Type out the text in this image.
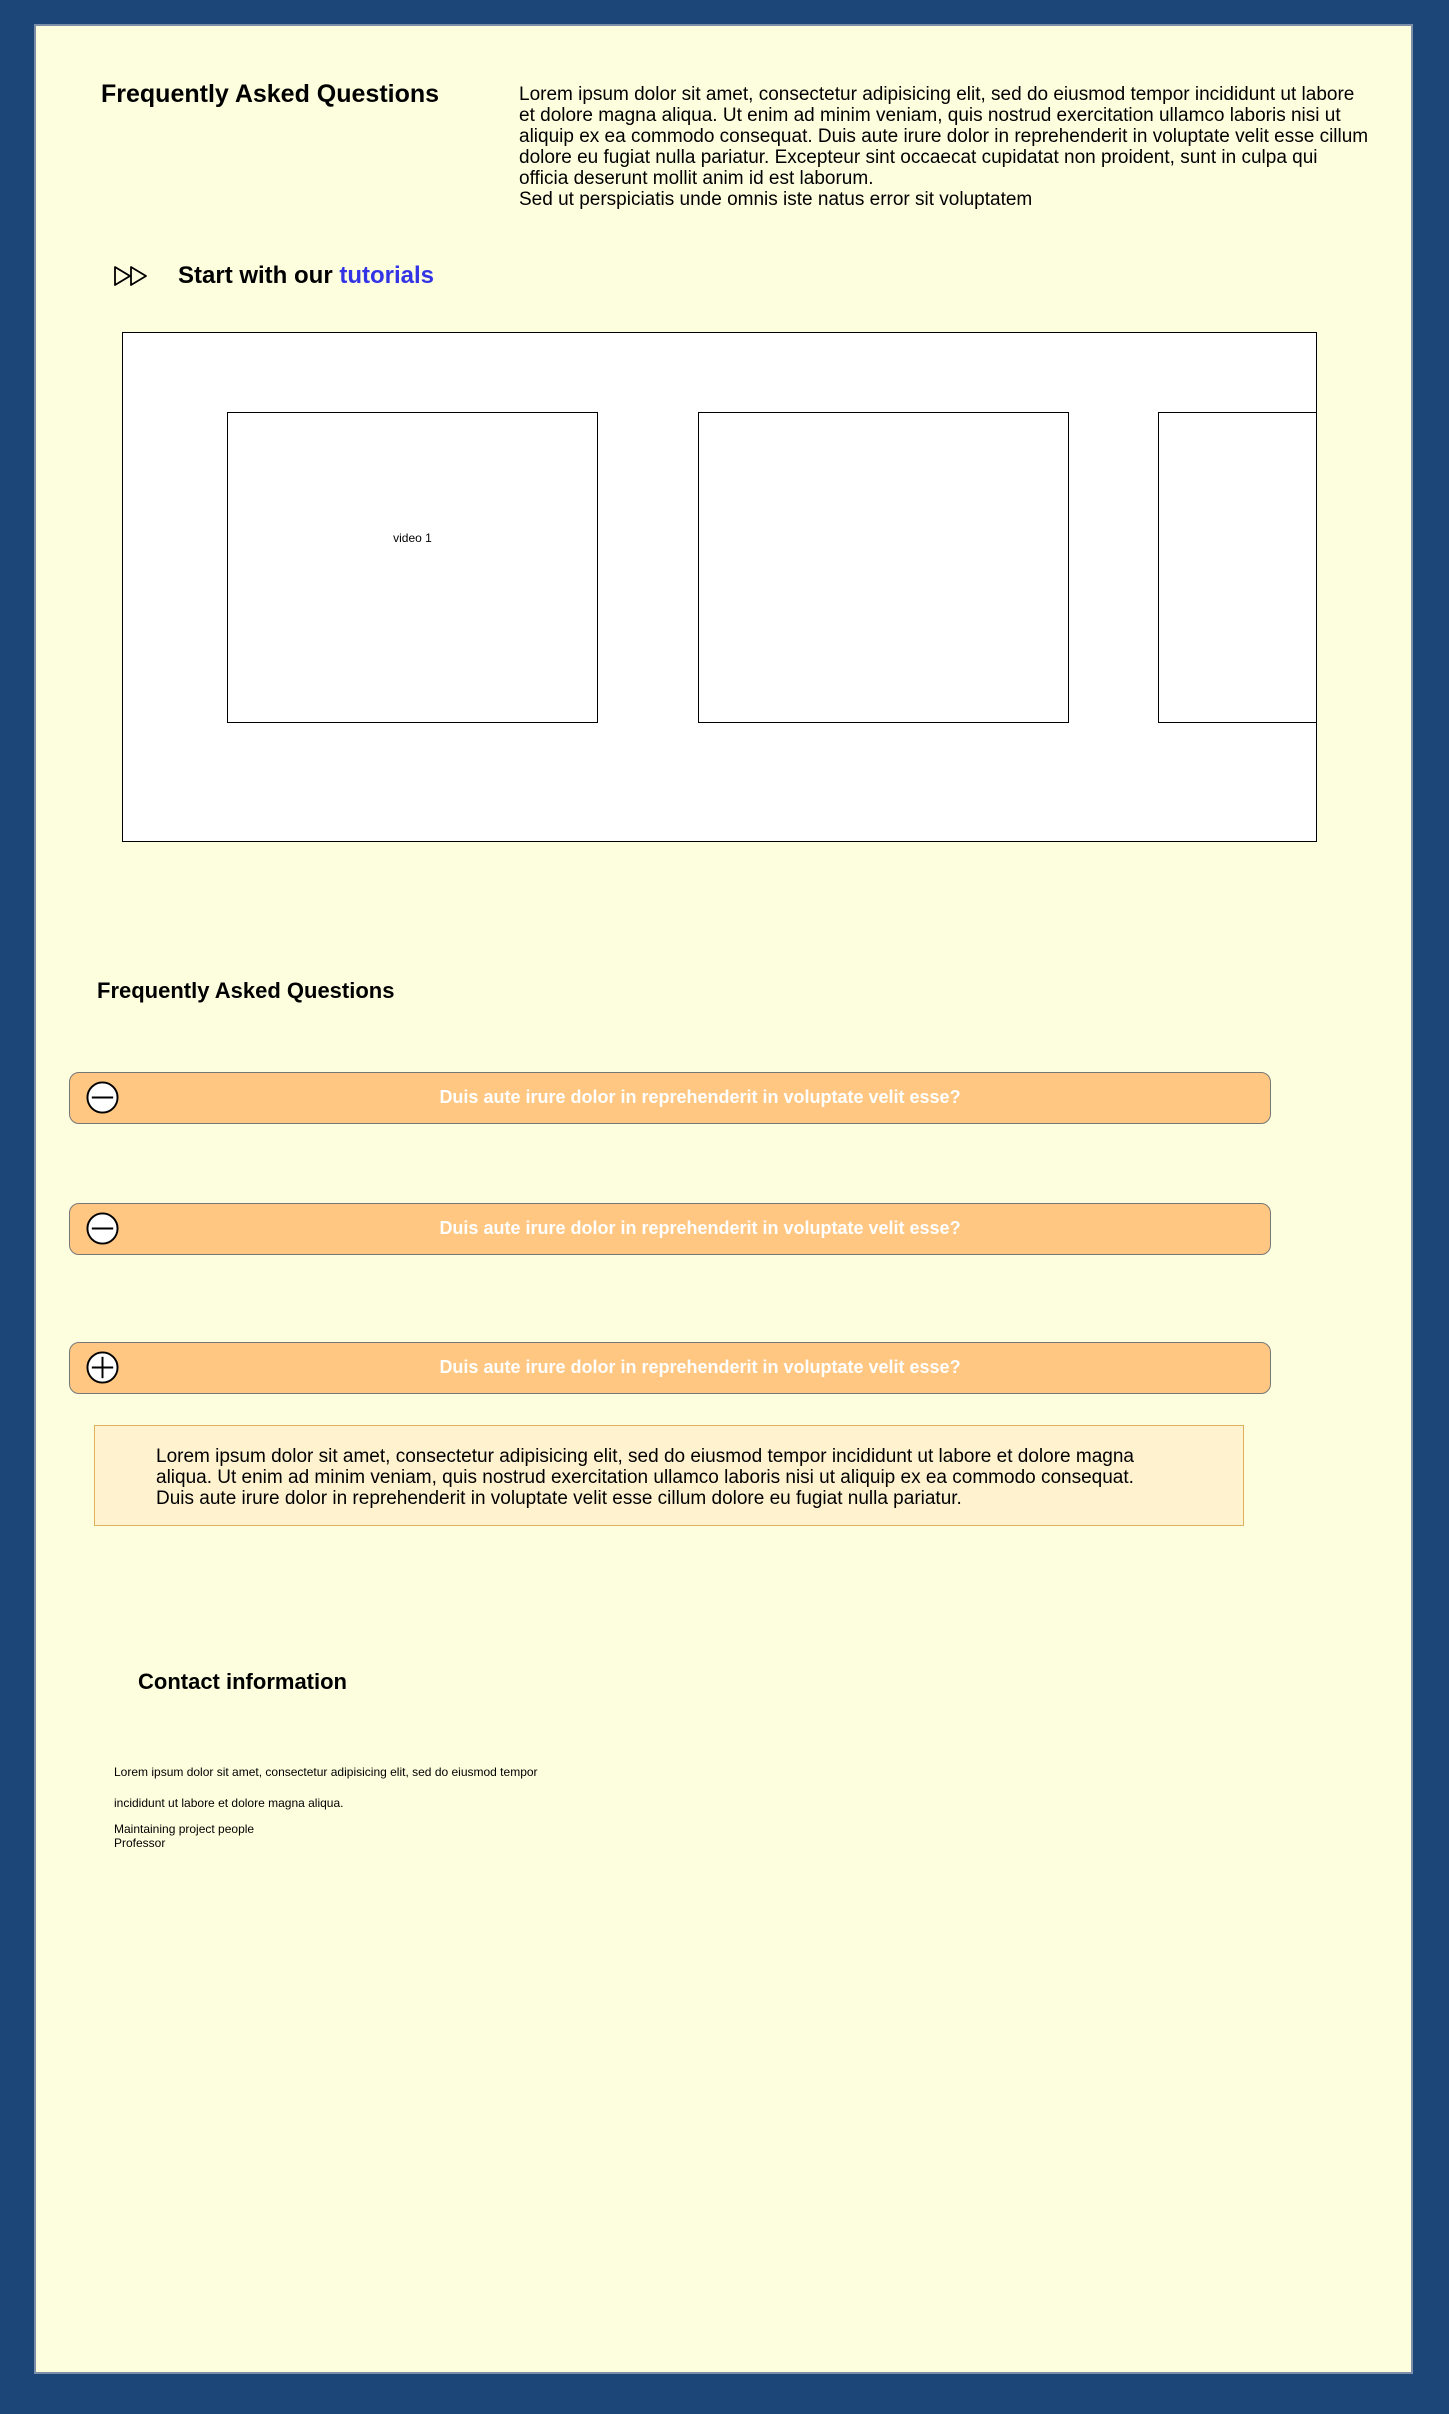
Frequently Asked Questions	Lorem ipsum dolor sit amet, consectetur adipisicing elit, sed do eiusmod tempor incididunt ut labore et dolore magna aliqua. Ut enim ad minim veniam, quis nostrud exercitation ullamco laboris nisi ut aliquip ex ea commodo consequat. Duis aute irure dolor in reprehenderit in voluptate velit esse cillum dolore eu fugiat nulla pariatur. Excepteur sint occaecat cupidatat non proident, sunt in culpa qui officia deserunt mollit anim id est laborum.

Sed ut perspiciatis unde omnis iste natus error sit voluptatem

Start with our tutorials
video 1
Frequently Asked Questions
Duis aute irure dolor in reprehenderit in voluptate velit esse?
Duis aute irure dolor in reprehenderit in voluptate velit esse?
Duis aute irure dolor in reprehenderit in voluptate velit esse?
Lorem ipsum dolor sit amet, consectetur adipisicing elit, sed do eiusmod tempor incididunt ut labore et dolore magna aliqua. Ut enim ad minim veniam, quis nostrud exercitation ullamco laboris nisi ut aliquip ex ea commodo consequat. Duis aute irure dolor in reprehenderit in voluptate velit esse cillum dolore eu fugiat nulla pariatur.
Contact information

Lorem ipsum dolor sit amet, consectetur adipisicing elit, sed do eiusmod tempor

incididunt ut labore et dolore magna aliqua.

Maintaining project people

Professor
